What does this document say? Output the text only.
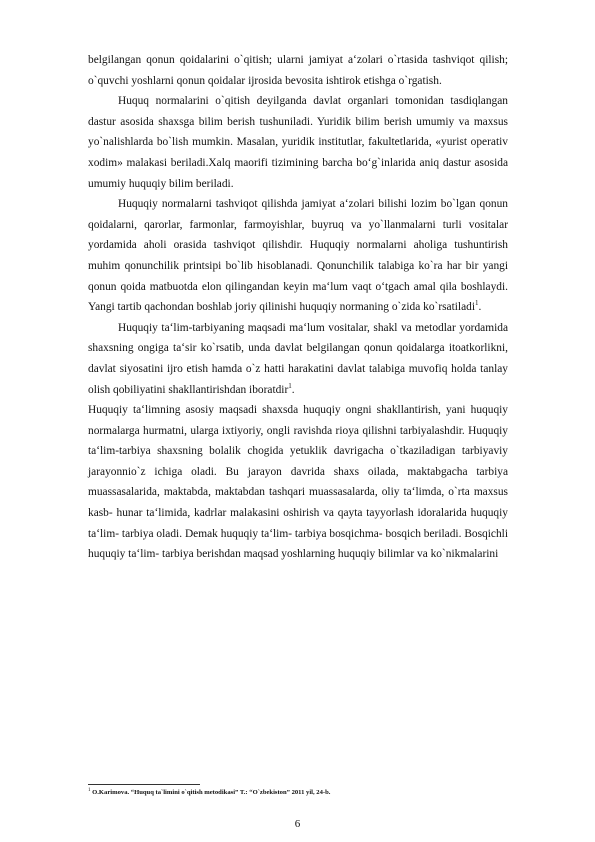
belgilangan qonun qoidalarini o`qitish; ularni jamiyat a‘zolari o`rtasida tashviqot qilish; o`quvchi yoshlarni qonun qoidalar ijrosida bevosita ishtirok etishga o`rgatish.

Huquq normalarini o`qitish deyilganda davlat organlari tomonidan tasdiqlangan dastur asosida shaxsga bilim berish tushuniladi. Yuridik bilim berish umumiy va maxsus yo`nalishlarda bo`lish mumkin. Masalan, yuridik institutlar, fakultetlarida, «yurist operativ xodim» malakasi beriladi.Xalq maorifi tizimining barcha bo‘g`inlarida aniq dastur asosida umumiy huquqiy bilim beriladi.

Huquqiy normalarni tashviqot qilishda jamiyat a‘zolari bilishi lozim bo`lgan qonun qoidalarni, qarorlar, farmonlar, farmoyishlar, buyruq va yo`llanmalarni turli vositalar yordamida aholi orasida tashviqot qilishdir. Huquqiy normalarni aholiga tushuntirish muhim qonunchilik printsipi bo`lib hisoblanadi. Qonunchilik talabiga ko`ra har bir yangi qonun qoida matbuotda elon qilingandan keyin ma‘lum vaqt o‘tgach amal qila boshlaydi. Yangi tartib qachondan boshlab joriy qilinishi huquqiy normaning o`zida ko`rsatiladi$^1$.

Huquqiy ta‘lim-tarbiyaning maqsadi ma‘lum vositalar, shakl va metodlar yordamida shaxsning ongiga ta‘sir ko`rsatib, unda davlat belgilangan qonun qoidalarga itoatkorlikni, davlat siyosatini ijro etish hamda o`z hatti harakatini davlat talabiga muvofiq holda tanlay olish qobiliyatini shakllantirishdan iboratdir$^1$.

Huquqiy ta‘limning asosiy maqsadi shaxsda huquqiy ongni shakllantirish, yani huquqiy normalarga hurmatni, ularga ixtiyoriy, ongli ravishda rioya qilishni tarbiyalashdir. Huquqiy ta‘lim-tarbiya shaxsning bolalik chogida yetuklik davrigacha o`tkaziladigan tarbiyaviy jarayonnio`z ichiga oladi. Bu jarayon davrida shaxs oilada, maktabgacha tarbiya muassasalarida, maktabda, maktabdan tashqari muassasalarda, oliy ta‘limda, o`rta maxsus kasb- hunar ta‘limida, kadrlar malakasini oshirish va qayta tayyorlash idoralarida huquqiy ta‘lim- tarbiya oladi. Demak huquqiy ta‘lim- tarbiya bosqichma- bosqich beriladi. Bosqichli huquqiy ta‘lim- tarbiya berishdan maqsad yoshlarning huquqiy bilimlar va ko`nikmalarini

$^1$ O.Karimova. “Huquq ta`limini o`qitish metodikasi” T.: “O`zbekiston” 2011 yil, 24-b.
6
